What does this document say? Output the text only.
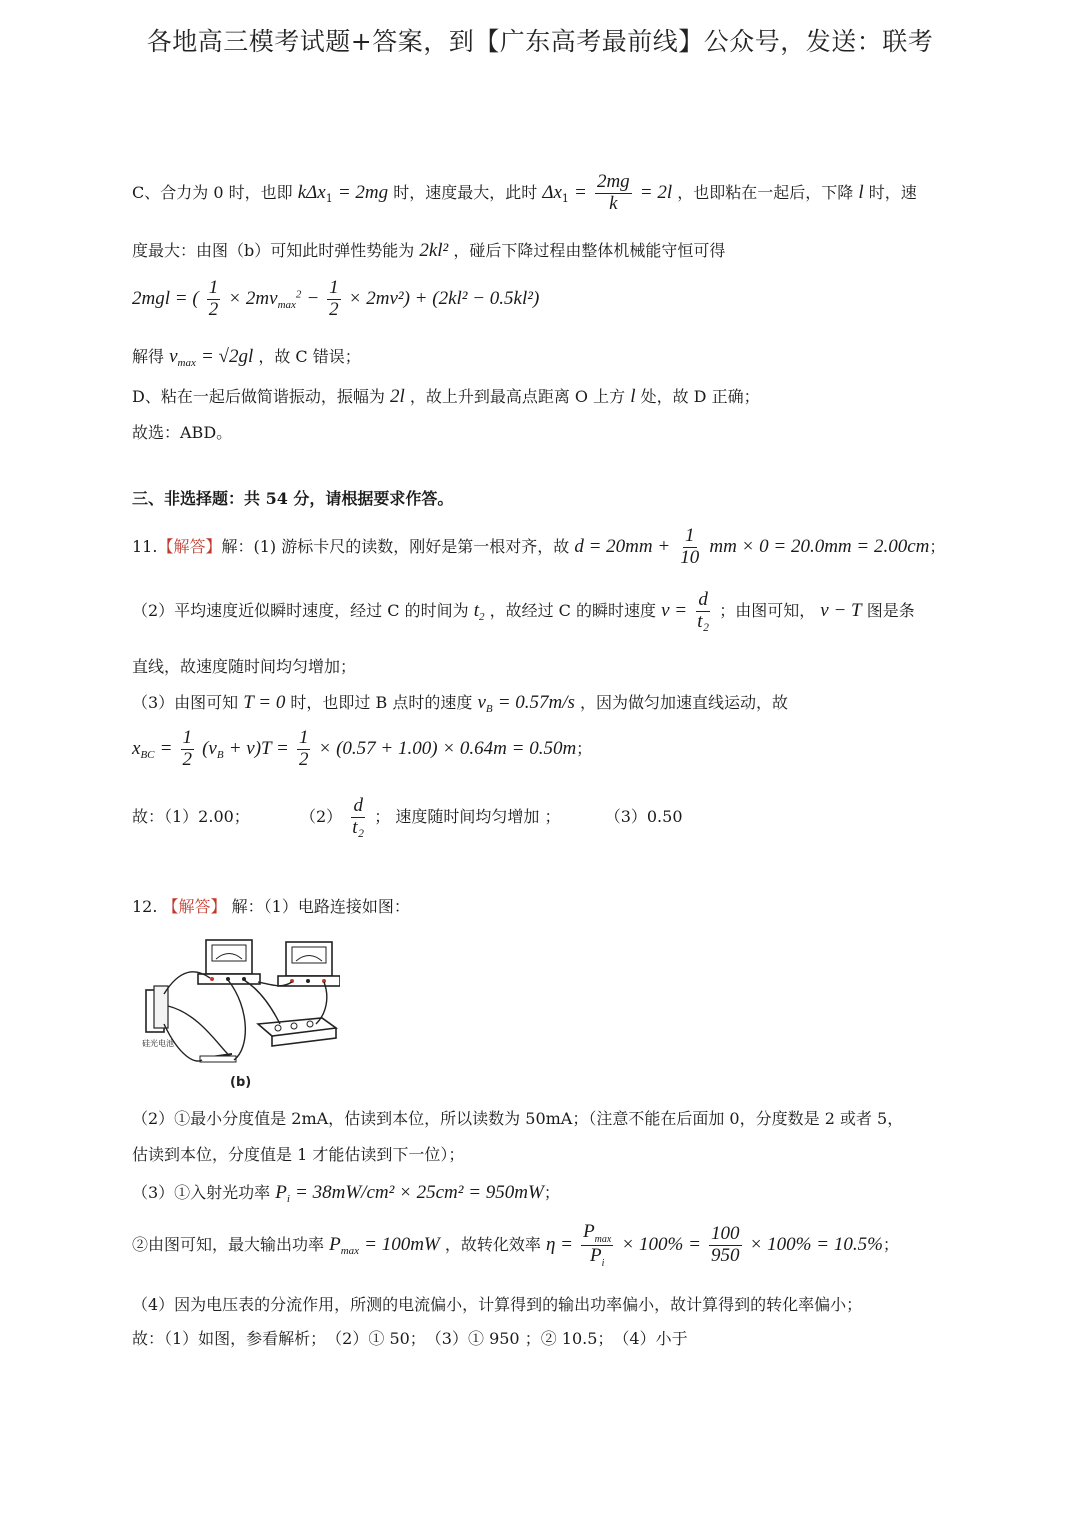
各地高三模考试题+答案，到【广东高考最前线】公众号，发送：联考
C、合力为 0 时，也即 kΔx$_1$ = 2mg 时，速度最大，此时 $\Delta x_1 = \frac{2mg}{k} = 2l$ ，也即粘在一起后，下降 l 时，速
度最大：由图（b）可知此时弹性势能为 2kl² ，碰后下降过程由整体机械能守恒可得
2mgl = ( $\frac{1}{2} \times 2mv_{max}^2 - \frac{1}{2} \times 2mv^2) + (2kl^2 - 0.5kl^2)$
解得 $v_{max} = √2gl$ ，故 C 错误；
D、粘在一起后做简谐振动，振幅为 2l ，故上升到最高点距离 O 上方 l 处，故 D 正确；
故选：ABD。
三、非选择题：共 54 分，请根据要求作答。
11.【解答】解：(1) 游标卡尺的读数，刚好是第一根对齐，故 $d = 20mm + \frac{1}{10}$ mm × 0 = 20.0mm = 2.00cm；
（2）平均速度近似瞬时速度，经过 C 的时间为 $t_2$ ，故经过 C 的瞬时速度 $v = \frac{d}{\text{t₂}}$ ；由图可知， v − T 图是条
直线，故速度随时间均匀增加；
（3）由图可知 T = 0 时，也即过 B 点时的速度 $v_B = 0.57m/s$ ，因为做匀加速直线运动，故
$x_{BC} = \frac{1}{2} (v_B + v)T = \frac{1}{2} \times (0.57 + 1.00) \times 0.64m = 0.50m$；
故：（1）2.00；	$(2) \frac{d}{\text{t₂}}$ ； 速度随时间均匀增加 ；	（3）0.50
12. 【解答】 解：（1）电路连接如图：
硅光电池
(b)
（2）①最小分度值是 2mA，估读到本位，所以读数为 50mA；（注意不能在后面加 0，分度数是 2 或者 5，
估读到本位，分度值是 1 才能估读到下一位）；
（3）①入射光功率 $P_i = 38mW/cm^2 \times 25cm^2 = 950mW$；
②由图可知，最大输出功率 $P_{max} = 100mW$ ，故转化效率 $\eta = \frac{P_{max}}{P_i} \times 100\% = \frac{100}{950} \times 100\% = 10.5\%$；
（4）因为电压表的分流作用，所测的电流偏小，计算得到的输出功率偏小，故计算得到的转化率偏小；
故：（1）如图，参看解析；　（2）① 50；　（3）① 950 ；② 10.5；　（4）小于
